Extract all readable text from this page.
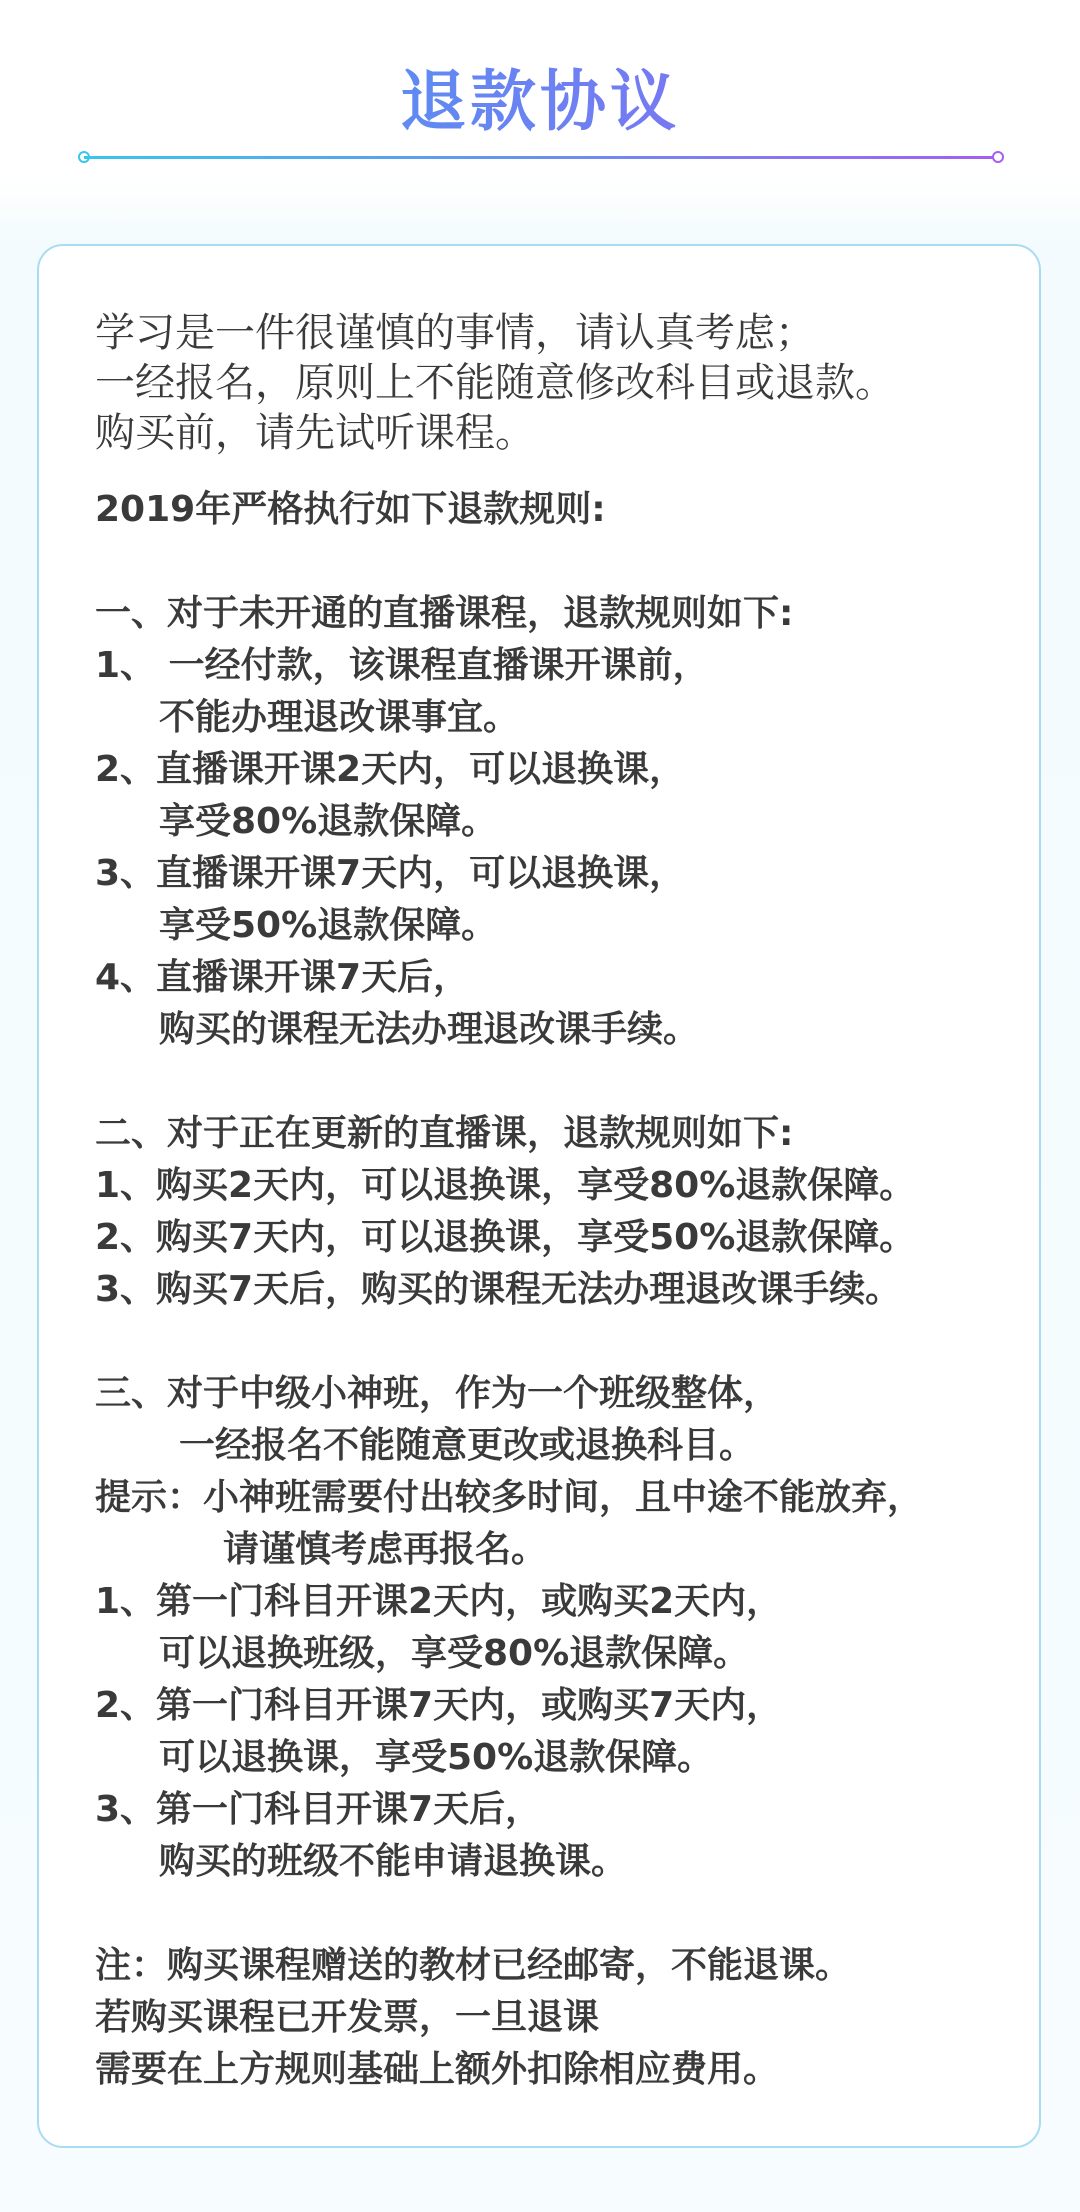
退款协议
学习是一件很谨慎的事情，请认真考虑；
一经报名，原则上不能随意修改科目或退款。
购买前，请先试听课程。
2019年严格执行如下退款规则:
一、对于未开通的直播课程，退款规则如下:
1、 一经付款，该课程直播课开课前，
不能办理退改课事宜。
2、直播课开课2天内，可以退换课，
享受80%退款保障。
3、直播课开课7天内，可以退换课，
享受50%退款保障。
4、直播课开课7天后，
购买的课程无法办理退改课手续。
二、对于正在更新的直播课，退款规则如下:
1、购买2天内，可以退换课，享受80%退款保障。
2、购买7天内，可以退换课，享受50%退款保障。
3、购买7天后，购买的课程无法办理退改课手续。
三、对于中级小神班，作为一个班级整体，
一经报名不能随意更改或退换科目。
提示：小神班需要付出较多时间，且中途不能放弃，
请谨慎考虑再报名。
1、第一门科目开课2天内，或购买2天内，
可以退换班级，享受80%退款保障。
2、第一门科目开课7天内，或购买7天内，
可以退换课，享受50%退款保障。
3、第一门科目开课7天后，
购买的班级不能申请退换课。
注：购买课程赠送的教材已经邮寄，不能退课。
若购买课程已开发票，一旦退课
需要在上方规则基础上额外扣除相应费用。
